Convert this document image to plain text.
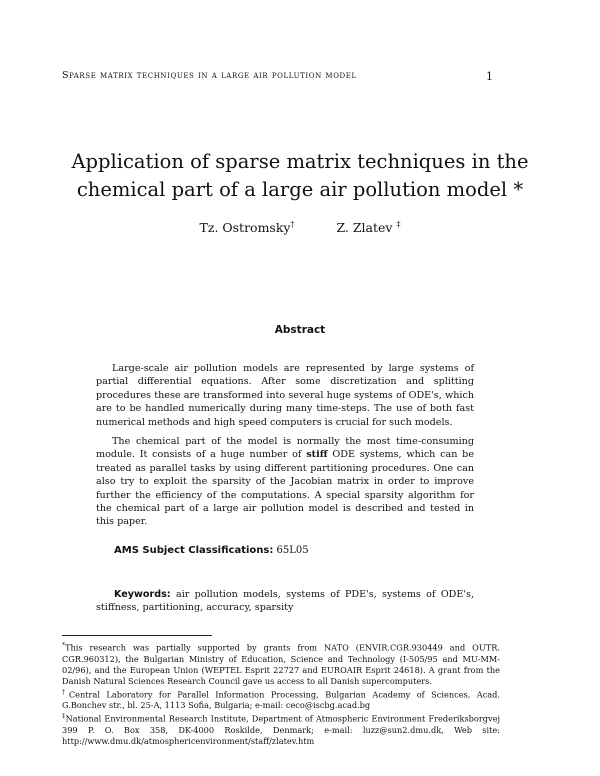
Sparse matrix techniques in a large air pollution model	1
Application of sparse matrix techniques in the
chemical part of a large air pollution model *
Tz. Ostromsky†	Z. Zlatev ‡
Abstract

Large-scale air pollution models are represented by large systems of partial differential equations. After some discretization and splitting procedures these are transformed into several huge systems of ODE's, which are to be handled numerically during many time-steps. The use of both fast numerical methods and high speed computers is crucial for such models.

The chemical part of the model is normally the most time-consuming module. It consists of a huge number of stiff ODE systems, which can be treated as parallel tasks by using different partitioning procedures. One can also try to exploit the sparsity of the Jacobian matrix in order to improve further the efficiency of the computations. A special sparsity algorithm for the chemical part of a large air pollution model is described and tested in this paper.

AMS Subject Classifications: 65L05
Keywords: air pollution models, systems of PDE's, systems of ODE's, stiffness, partitioning, accuracy, sparsity

*This research was partially supported by grants from NATO (ENVIR.CGR.930449 and OUTR. CGR.960312), the Bulgarian Ministry of Education, Science and Technology (I-505/95 and MU-MM-02/96), and the European Union (WEPTEL Esprit 22727 and EUROAIR Esprit 24618). A grant from the Danish Natural Sciences Research Council gave us access to all Danish supercomputers.

†Central Laboratory for Parallel Information Processing, Bulgarian Academy of Sciences, Acad. G.Bonchev str., bl. 25-A, 1113 Sofia, Bulgaria; e-mail: ceco@iscbg.acad.bg

‡National Environmental Research Institute, Department of Atmospheric Environment Frederiksborgvej 399 P. O. Box 358, DK-4000 Roskilde, Denmark; e-mail: luzz@sun2.dmu.dk, Web site: http://www.dmu.dk/atmosphericenvironment/staff/zlatev.htm
